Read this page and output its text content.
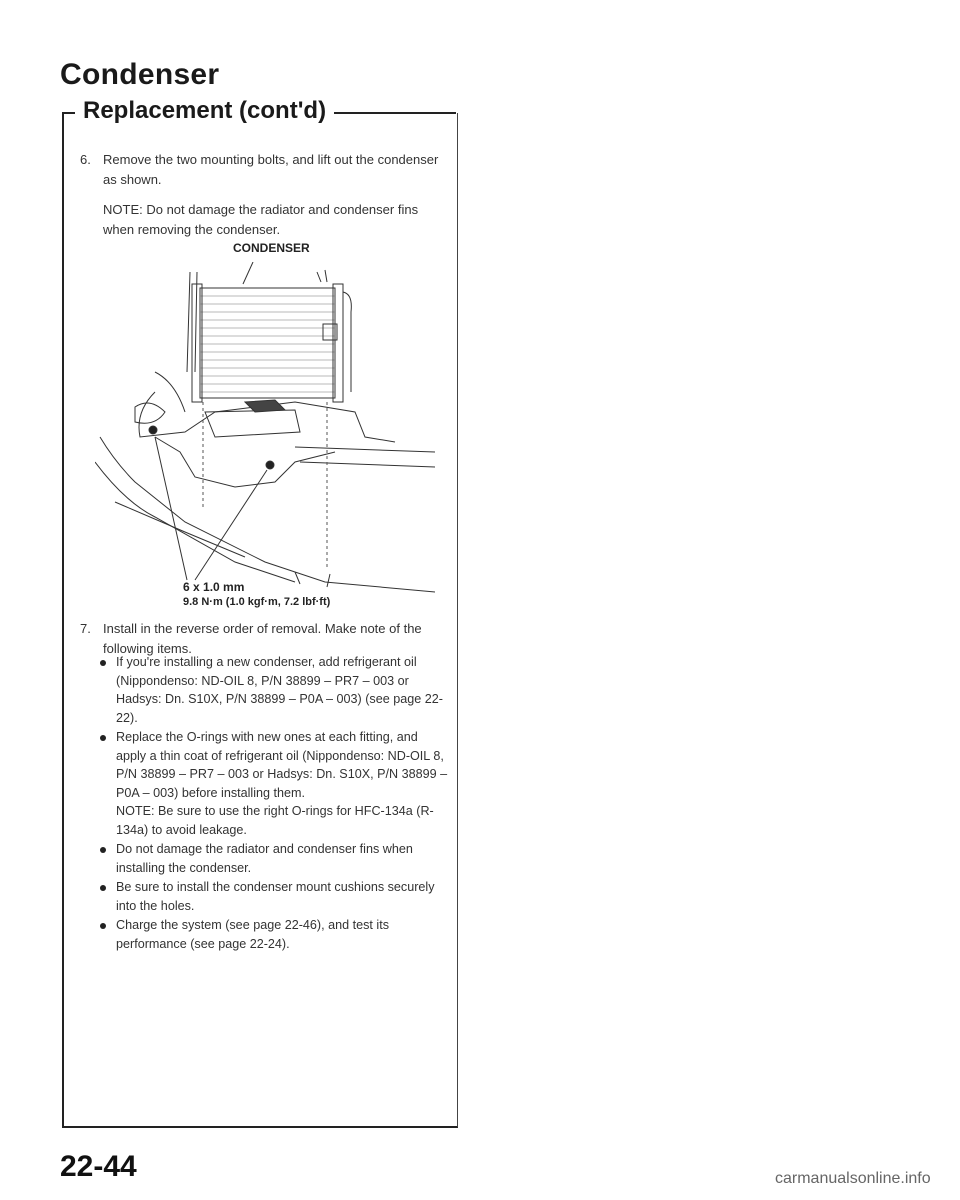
Condenser
Replacement (cont'd)
6. Remove the two mounting bolts, and lift out the condenser as shown.
NOTE: Do not damage the radiator and condenser fins when removing the condenser.
CONDENSER
6 x 1.0 mm
9.8 N·m (1.0 kgf·m, 7.2 lbf·ft)
7. Install in the reverse order of removal. Make note of the following items.
If you're installing a new condenser, add refrigerant oil (Nippondenso: ND-OIL 8, P/N 38899 – PR7 – 003 or Hadsys: Dn. S10X, P/N 38899 – P0A – 003) (see page 22-22).
Replace the O-rings with new ones at each fitting, and apply a thin coat of refrigerant oil (Nippondenso: ND-OIL 8, P/N 38899 – PR7 – 003 or Hadsys: Dn. S10X, P/N 38899 – P0A – 003) before installing them.
NOTE: Be sure to use the right O-rings for HFC-134a (R-134a) to avoid leakage.
Do not damage the radiator and condenser fins when installing the condenser.
Be sure to install the condenser mount cushions securely into the holes.
Charge the system (see page 22-46), and test its performance (see page 22-24).
22-44	carmanualsonline.info
